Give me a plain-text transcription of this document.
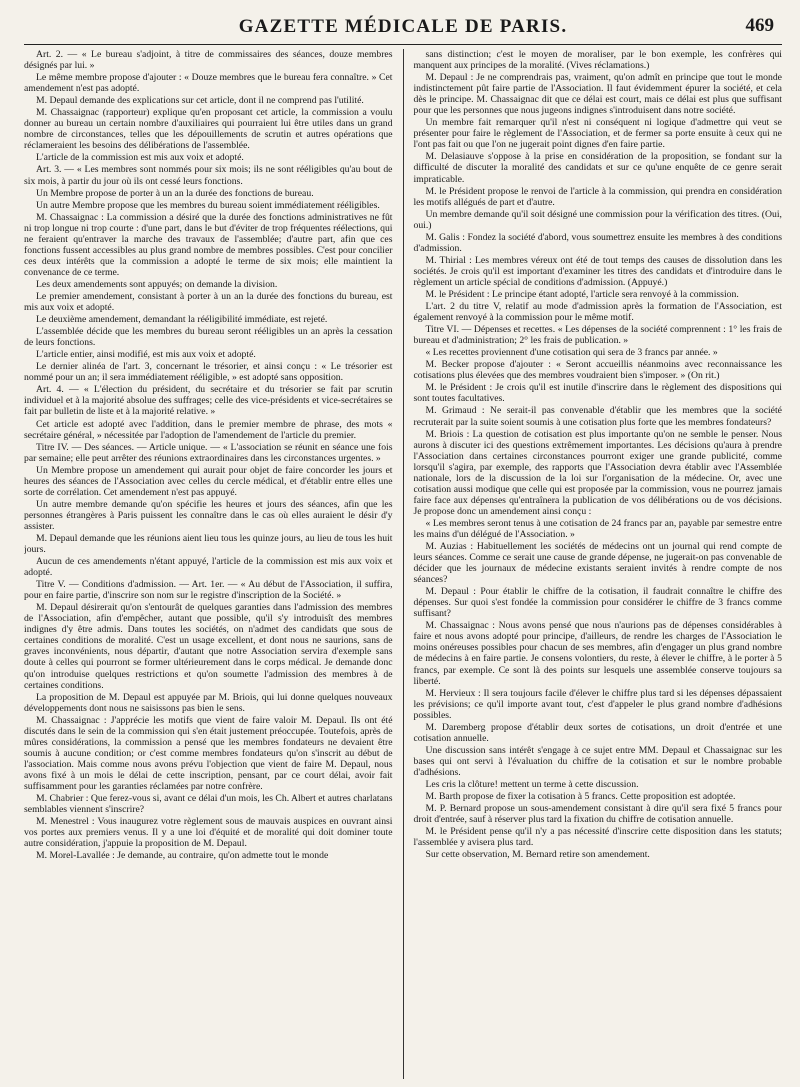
GAZETTE MÉDICALE DE PARIS.	469

Art. 2. — « Le bureau s'adjoint, à titre de commissaires des séances, douze membres désignés par lui. »

Le même membre propose d'ajouter : « Douze membres que le bureau fera connaître. » Cet amendement n'est pas adopté.

M. Depaul demande des explications sur cet article, dont il ne comprend pas l'utilité.

M. Chassaignac (rapporteur) explique qu'en proposant cet article, la commission a voulu donner au bureau un certain nombre d'auxiliaires qui pourraient lui être utiles dans un grand nombre de circonstances, telles que les dépouillements de scrutin et autres opérations que réclameraient les besoins des délibérations de l'assemblée.

L'article de la commission est mis aux voix et adopté.

Art. 3. — « Les membres sont nommés pour six mois; ils ne sont rééligibles qu'au bout de six mois, à partir du jour où ils ont cessé leurs fonctions.

Un Membre propose de porter à un an la durée des fonctions de bureau.

Un autre Membre propose que les membres du bureau soient immédiatement rééligibles.

M. Chassaignac : La commission a désiré que la durée des fonctions administratives ne fût ni trop longue ni trop courte : d'une part, dans le but d'éviter de trop fréquentes réélections, qui ne feraient qu'entraver la marche des travaux de l'assemblée; d'autre part, afin que ces fonctions fussent accessibles au plus grand nombre de membres possibles. C'est pour concilier ces deux intérêts que la commission a adopté le terme de six mois; elle maintient la convenance de ce terme.

Les deux amendements sont appuyés; on demande la division.

Le premier amendement, consistant à porter à un an la durée des fonctions du bureau, est mis aux voix et adopté.

Le deuxième amendement, demandant la rééligibilité immédiate, est rejeté.

L'assemblée décide que les membres du bureau seront rééligibles un an après la cessation de leurs fonctions.

L'article entier, ainsi modifié, est mis aux voix et adopté.

Le dernier alinéa de l'art. 3, concernant le trésorier, et ainsi conçu : « Le trésorier est nommé pour un an; il sera immédiatement rééligible, » est adopté sans opposition.

Art. 4. — « L'élection du président, du secrétaire et du trésorier se fait par scrutin individuel et à la majorité absolue des suffrages; celle des vice-présidents et vice-secrétaires se fait par bulletin de liste et à la majorité relative. »

Cet article est adopté avec l'addition, dans le premier membre de phrase, des mots « secrétaire général, » nécessitée par l'adoption de l'amendement de l'article du premier.

Titre IV. — Des séances. — Article unique. — « L'association se réunit en séance une fois par semaine; elle peut arrêter des réunions extraordinaires dans les circonstances urgentes. »

Un Membre propose un amendement qui aurait pour objet de faire concorder les jours et heures des séances de l'Association avec celles du cercle médical, et d'établir entre elles une sorte de corrélation. Cet amendement n'est pas appuyé.

Un autre membre demande qu'on spécifie les heures et jours des séances, afin que les personnes étrangères à Paris puissent les connaître dans le cas où elles auraient le désir d'y assister.

M. Depaul demande que les réunions aient lieu tous les quinze jours, au lieu de tous les huit jours.

Aucun de ces amendements n'étant appuyé, l'article de la commission est mis aux voix et adopté.

Titre V. — Conditions d'admission. — Art. 1er. — « Au début de l'Association, il suffira, pour en faire partie, d'inscrire son nom sur le registre d'inscription de la Société. »

M. Depaul désirerait qu'on s'entourât de quelques garanties dans l'admission des membres de l'Association, afin d'empêcher, autant que possible, qu'il s'y introduisît des membres indignes d'y être admis. Dans toutes les sociétés, on n'admet des candidats que sous de certaines conditions de moralité. C'est un usage excellent, et dont nous ne saurions, sans de graves inconvénients, nous départir, d'autant que notre Association servira d'exemple sans doute à celles qui pourront se former ultérieurement dans le corps médical. Je demande donc qu'on introduise quelques restrictions et qu'on soumette l'admission des membres à de certaines conditions.

La proposition de M. Depaul est appuyée par M. Briois, qui lui donne quelques nouveaux développements dont nous ne saisissons pas bien le sens.

M. Chassaignac : J'apprécie les motifs que vient de faire valoir M. Depaul. Ils ont été discutés dans le sein de la commission qui s'en était justement préoccupée. Toutefois, après de mûres considérations, la commission a pensé que les membres fondateurs ne devaient être soumis à aucune condition; or c'est comme membres fondateurs qu'on s'inscrit au début de l'association. Mais comme nous avons prévu l'objection que vient de faire M. Depaul, nous avons fixé à un mois le délai de cette inscription, pensant, par ce court délai, avoir fait suffisamment pour les garanties réclamées par notre confrère.

M. Chabrier : Que ferez-vous si, avant ce délai d'un mois, les Ch. Albert et autres charlatans semblables viennent s'inscrire?

M. Menestrel : Vous inaugurez votre règlement sous de mauvais auspices en ouvrant ainsi vos portes aux premiers venus. Il y a une loi d'équité et de moralité qui doit dominer toute autre considération, j'appuie la proposition de M. Depaul.

M. Morel-Lavallée : Je demande, au contraire, qu'on admette tout le monde

sans distinction; c'est le moyen de moraliser, par le bon exemple, les confrères qui manquent aux principes de la moralité. (Vives réclamations.)

M. Depaul : Je ne comprendrais pas, vraiment, qu'on admît en principe que tout le monde indistinctement pût faire partie de l'Association. Il faut évidemment épurer la société, et cela dès le principe. M. Chassaignac dit que ce délai est court, mais ce délai est plus que suffisant pour que les personnes que nous jugeons indignes s'introduisent dans notre société.

Un membre fait remarquer qu'il n'est ni conséquent ni logique d'admettre qui veut se présenter pour faire le règlement de l'Association, et de fermer sa porte ensuite à ceux qui ne l'ont pas fait ou que l'on ne jugerait point dignes d'en faire partie.

M. Delasiauve s'oppose à la prise en considération de la proposition, se fondant sur la difficulté de discuter la moralité des candidats et sur ce qu'une enquête de ce genre serait impraticable.

M. le Président propose le renvoi de l'article à la commission, qui prendra en considération les motifs allégués de part et d'autre.

Un membre demande qu'il soit désigné une commission pour la vérification des titres. (Oui, oui.)

M. Galis : Fondez la société d'abord, vous soumettrez ensuite les membres à des conditions d'admission.

M. Thirial : Les membres véreux ont été de tout temps des causes de dissolution dans les sociétés. Je crois qu'il est important d'examiner les titres des candidats et d'introduire dans le règlement un article spécial de conditions d'admission. (Appuyé.)

M. le Président : Le principe étant adopté, l'article sera renvoyé à la commission.

L'art. 2 du titre V, relatif au mode d'admission après la formation de l'Association, est également renvoyé à la commission pour le même motif.

Titre VI. — Dépenses et recettes. « Les dépenses de la société comprennent : 1° les frais de bureau et d'administration; 2° les frais de publication. »

« Les recettes proviennent d'une cotisation qui sera de 3 francs par année. »

M. Becker propose d'ajouter : « Seront accueillis néanmoins avec reconnaissance les cotisations plus élevées que des membres voudraient bien s'imposer. » (On rit.)

M. le Président : Je crois qu'il est inutile d'inscrire dans le règlement des dispositions qui sont toutes facultatives.

M. Grimaud : Ne serait-il pas convenable d'établir que les membres que la société recruterait par la suite soient soumis à une cotisation plus forte que les membres fondateurs?

M. Briois : La question de cotisation est plus importante qu'on ne semble le penser. Nous aurons à discuter ici des questions extrêmement importantes. Les décisions qu'aura à prendre l'Association dans certaines circonstances pourront exiger une grande publicité, comme lorsqu'il s'agira, par exemple, des rapports que l'Association devra établir avec l'Assemblée nationale, lors de la discussion de la loi sur l'organisation de la médecine. Or, avec une cotisation aussi modique que celle qui est proposée par la commission, vous ne pourrez jamais faire face aux dépenses qu'entraînera la publication de vos délibérations ou de vos décisions. Je propose donc un amendement ainsi conçu :

« Les membres seront tenus à une cotisation de 24 francs par an, payable par semestre entre les mains d'un délégué de l'Association. »

M. Auzias : Habituellement les sociétés de médecins ont un journal qui rend compte de leurs séances. Comme ce serait une cause de grande dépense, ne jugerait-on pas convenable de décider que les journaux de médecine existants seraient invités à rendre compte de nos séances?

M. Depaul : Pour établir le chiffre de la cotisation, il faudrait connaître le chiffre des dépenses. Sur quoi s'est fondée la commission pour considérer le chiffre de 3 francs comme suffisant?

M. Chassaignac : Nous avons pensé que nous n'aurions pas de dépenses considérables à faire et nous avons adopté pour principe, d'ailleurs, de rendre les charges de l'Association le moins onéreuses possibles pour chacun de ses membres, afin d'engager un plus grand nombre de médecins à en faire partie. Je consens volontiers, du reste, à élever le chiffre, à le porter à 5 francs, par exemple. Ce sont là des points sur lesquels une assemblée conserve toujours sa liberté.

M. Hervieux : Il sera toujours facile d'élever le chiffre plus tard si les dépenses dépassaient les prévisions; ce qu'il importe avant tout, c'est d'appeler le plus grand nombre d'adhésions possibles.

M. Daremberg propose d'établir deux sortes de cotisations, un droit d'entrée et une cotisation annuelle.

Une discussion sans intérêt s'engage à ce sujet entre MM. Depaul et Chassaignac sur les bases qui ont servi à l'évaluation du chiffre de la cotisation et sur le nombre probable d'adhésions.

Les cris la clôture! mettent un terme à cette discussion.

M. Barth propose de fixer la cotisation à 5 francs. Cette proposition est adoptée.

M. P. Bernard propose un sous-amendement consistant à dire qu'il sera fixé 5 francs pour droit d'entrée, sauf à réserver plus tard la fixation du chiffre de cotisation annuelle.

M. le Président pense qu'il n'y a pas nécessité d'inscrire cette disposition dans les statuts; l'assemblée y avisera plus tard.

Sur cette observation, M. Bernard retire son amendement.
